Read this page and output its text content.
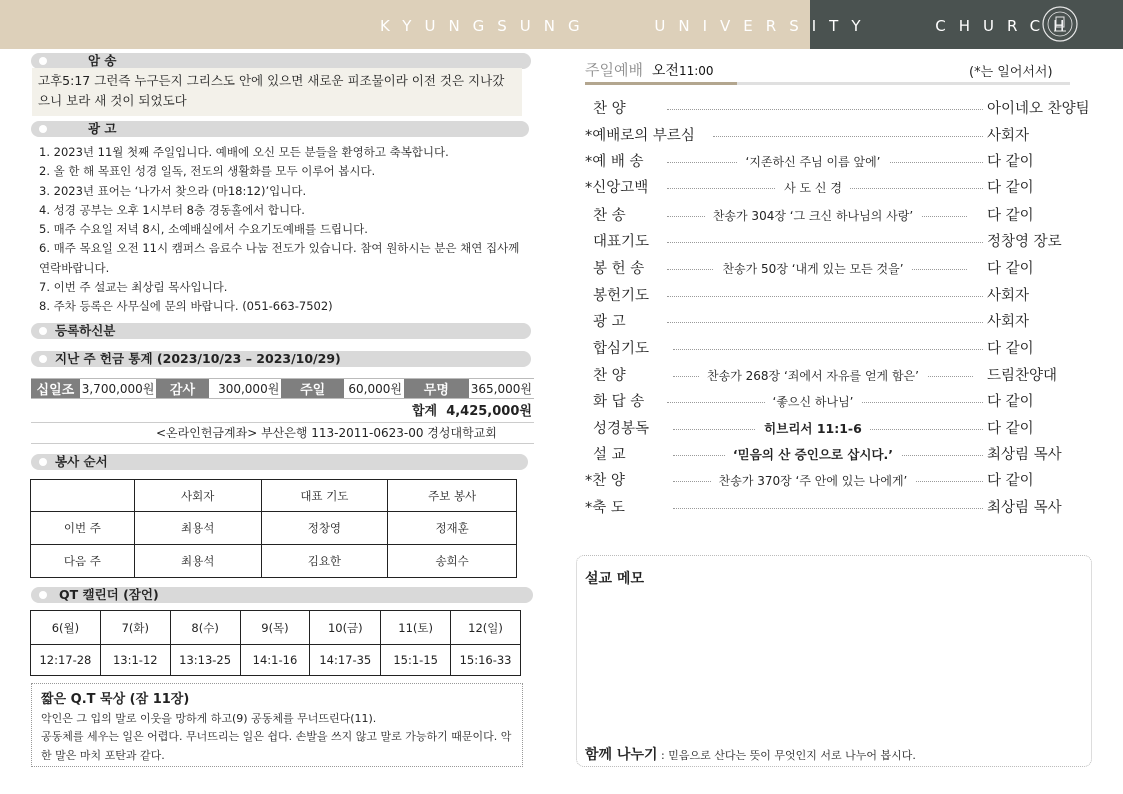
KYUNGSUNG	UNIVERSITY	CHURCH
암 송
고후5:17 그런즉 누구든지 그리스도 안에 있으면 새로운 피조물이라 이전 것은 지나갔으니 보라 새 것이 되었도다
광 고
1. 2023년 11월 첫째 주일입니다. 예배에 오신 모든 분들을 환영하고 축복합니다.
2. 올 한 해 목표인 성경 일독, 전도의 생활화를 모두 이루어 봅시다.
3. 2023년 표어는 ‘나가서 찾으라 (마18:12)’입니다.
4. 성경 공부는 오후 1시부터 8층 경동홀에서 합니다.
5. 매주 수요일 저녁 8시, 소예배실에서 수요기도예배를 드립니다.
6. 매주 목요일 오전 11시 캠퍼스 음료수 나눔 전도가 있습니다. 참여 원하시는 분은 채연 집사께 연락바랍니다.
7. 이번 주 설교는 최상림 목사입니다.
8. 주차 등록은 사무실에 문의 바랍니다. (051-663-7502)
등록하신분
지난 주 헌금 통계 (2023/10/23 – 2023/10/29)
십일조	3,700,000원	감사	300,000원	주일	60,000원	무명	365,000원
합계 4,425,000원
<온라인헌금계좌> 부산은행 113-2011-0623-00 경성대학교회
봉사 순서
	사회자	대표 기도	주보 봉사
이번 주	최용석	정창영	정재훈
다음 주	최용석	김요한	송희수
QT 캘린더 (잠언)
6(월)	7(화)	8(수)	9(목)	10(금)	11(토)	12(일)
12:17-28	13:1-12	13:13-25	14:1-16	14:17-35	15:1-15	15:16-33
짧은 Q.T 묵상 (잠 11장)
악인은 그 입의 말로 이웃을 망하게 하고(9) 공동체를 무너뜨린다(11).
공동체를 세우는 일은 어렵다. 무너뜨리는 일은 쉽다. 손발을 쓰지 않고 말로 가능하기 때문이다. 악한 말은 마치 포탄과 같다.
주일예배 오전11:00	(*는 일어서서)
찬 양	아이네오 찬양팀
*예배로의 부르심	사회자
*예 배 송	‘지존하신 주님 이름 앞에’	다 같이
*신앙고백	사 도 신 경	다 같이
찬 송	찬송가 304장 ‘그 크신 하나님의 사랑’	다 같이
대표기도	정창영 장로
봉 헌 송	찬송가 50장 ‘내게 있는 모든 것을’	다 같이
봉헌기도	사회자
광 고	사회자
합심기도	다 같이
찬 양	찬송가 268장 ‘죄에서 자유를 얻게 함은’	드림찬양대
화 답 송	‘좋으신 하나님’	다 같이
성경봉독	히브리서 11:1-6	다 같이
설 교	‘믿음의 산 증인으로 삽시다.’	최상림 목사
*찬 양	찬송가 370장 ‘주 안에 있는 나에게’	다 같이
*축 도	최상림 목사
설교 메모
함께 나누기 : 믿음으로 산다는 뜻이 무엇인지 서로 나누어 봅시다.
